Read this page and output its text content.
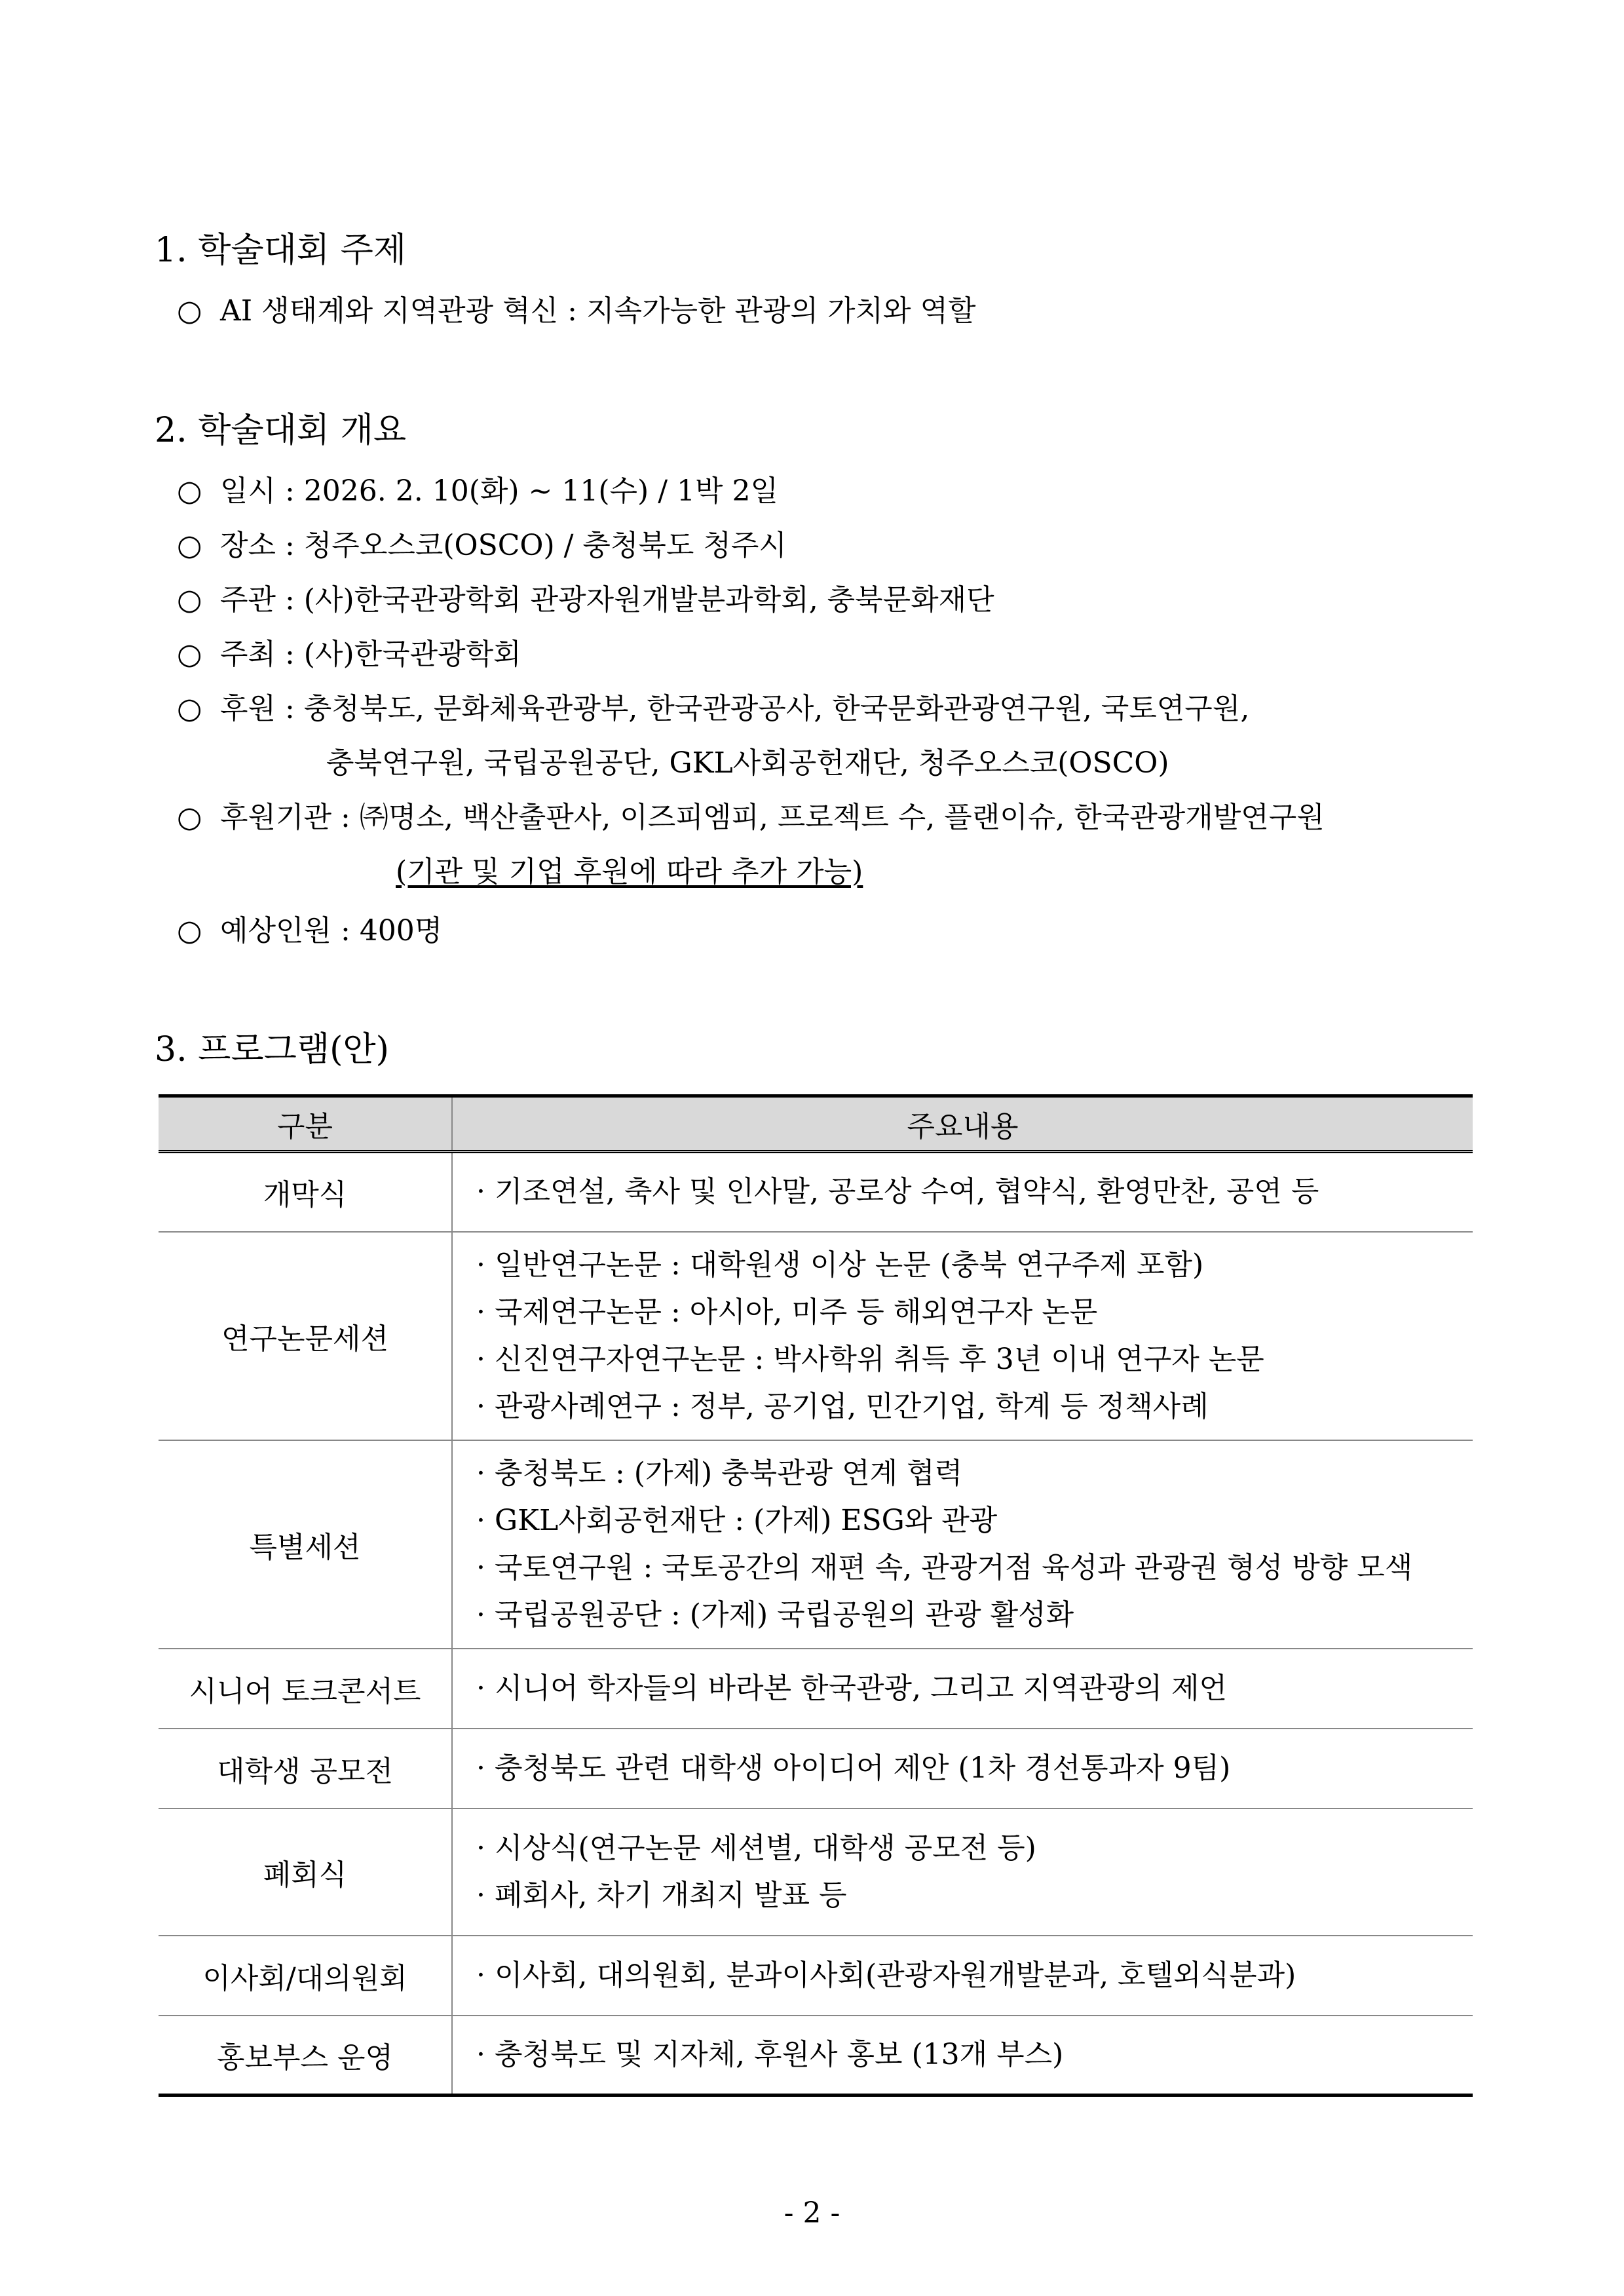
1. 학술대회 주제
○ AI 생태계와 지역관광 혁신 : 지속가능한 관광의 가치와 역할
2. 학술대회 개요
○ 일시 : 2026. 2. 10(화) ~ 11(수) / 1박 2일
○ 장소 : 청주오스코(OSCO) / 충청북도 청주시
○ 주관 : (사)한국관광학회 관광자원개발분과학회, 충북문화재단
○ 주최 : (사)한국관광학회
○ 후원 : 충청북도, 문화체육관광부, 한국관광공사, 한국문화관광연구원, 국토연구원,
충북연구원, 국립공원공단, GKL사회공헌재단, 청주오스코(OSCO)
○ 후원기관 : ㈜명소, 백산출판사, 이즈피엠피, 프로젝트 수, 플랜이슈, 한국관광개발연구원
(기관 및 기업 후원에 따라 추가 가능)
○ 예상인원 : 400명
3. 프로그램(안)
구분	주요내용
개막식	· 기조연설, 축사 및 인사말, 공로상 수여, 협약식, 환영만찬, 공연 등

연구논문세션	· 일반연구논문 : 대학원생 이상 논문 (충북 연구주제 포함)
· 국제연구논문 : 아시아, 미주 등 해외연구자 논문
· 신진연구자연구논문 : 박사학위 취득 후 3년 이내 연구자 논문
· 관광사례연구 : 정부, 공기업, 민간기업, 학계 등 정책사례

특별세션	· 충청북도 : (가제) 충북관광 연계 협력
· GKL사회공헌재단 : (가제) ESG와 관광
· 국토연구원 : 국토공간의 재편 속, 관광거점 육성과 관광권 형성 방향 모색
· 국립공원공단 : (가제) 국립공원의 관광 활성화

시니어 토크콘서트	· 시니어 학자들의 바라본 한국관광, 그리고 지역관광의 제언

대학생 공모전	· 충청북도 관련 대학생 아이디어 제안 (1차 경선통과자 9팀)

폐회식	· 시상식(연구논문 세션별, 대학생 공모전 등)
· 폐회사, 차기 개최지 발표 등

이사회/대의원회	· 이사회, 대의원회, 분과이사회(관광자원개발분과, 호텔외식분과)

홍보부스 운영	· 충청북도 및 지자체, 후원사 홍보 (13개 부스)
- 2 -
